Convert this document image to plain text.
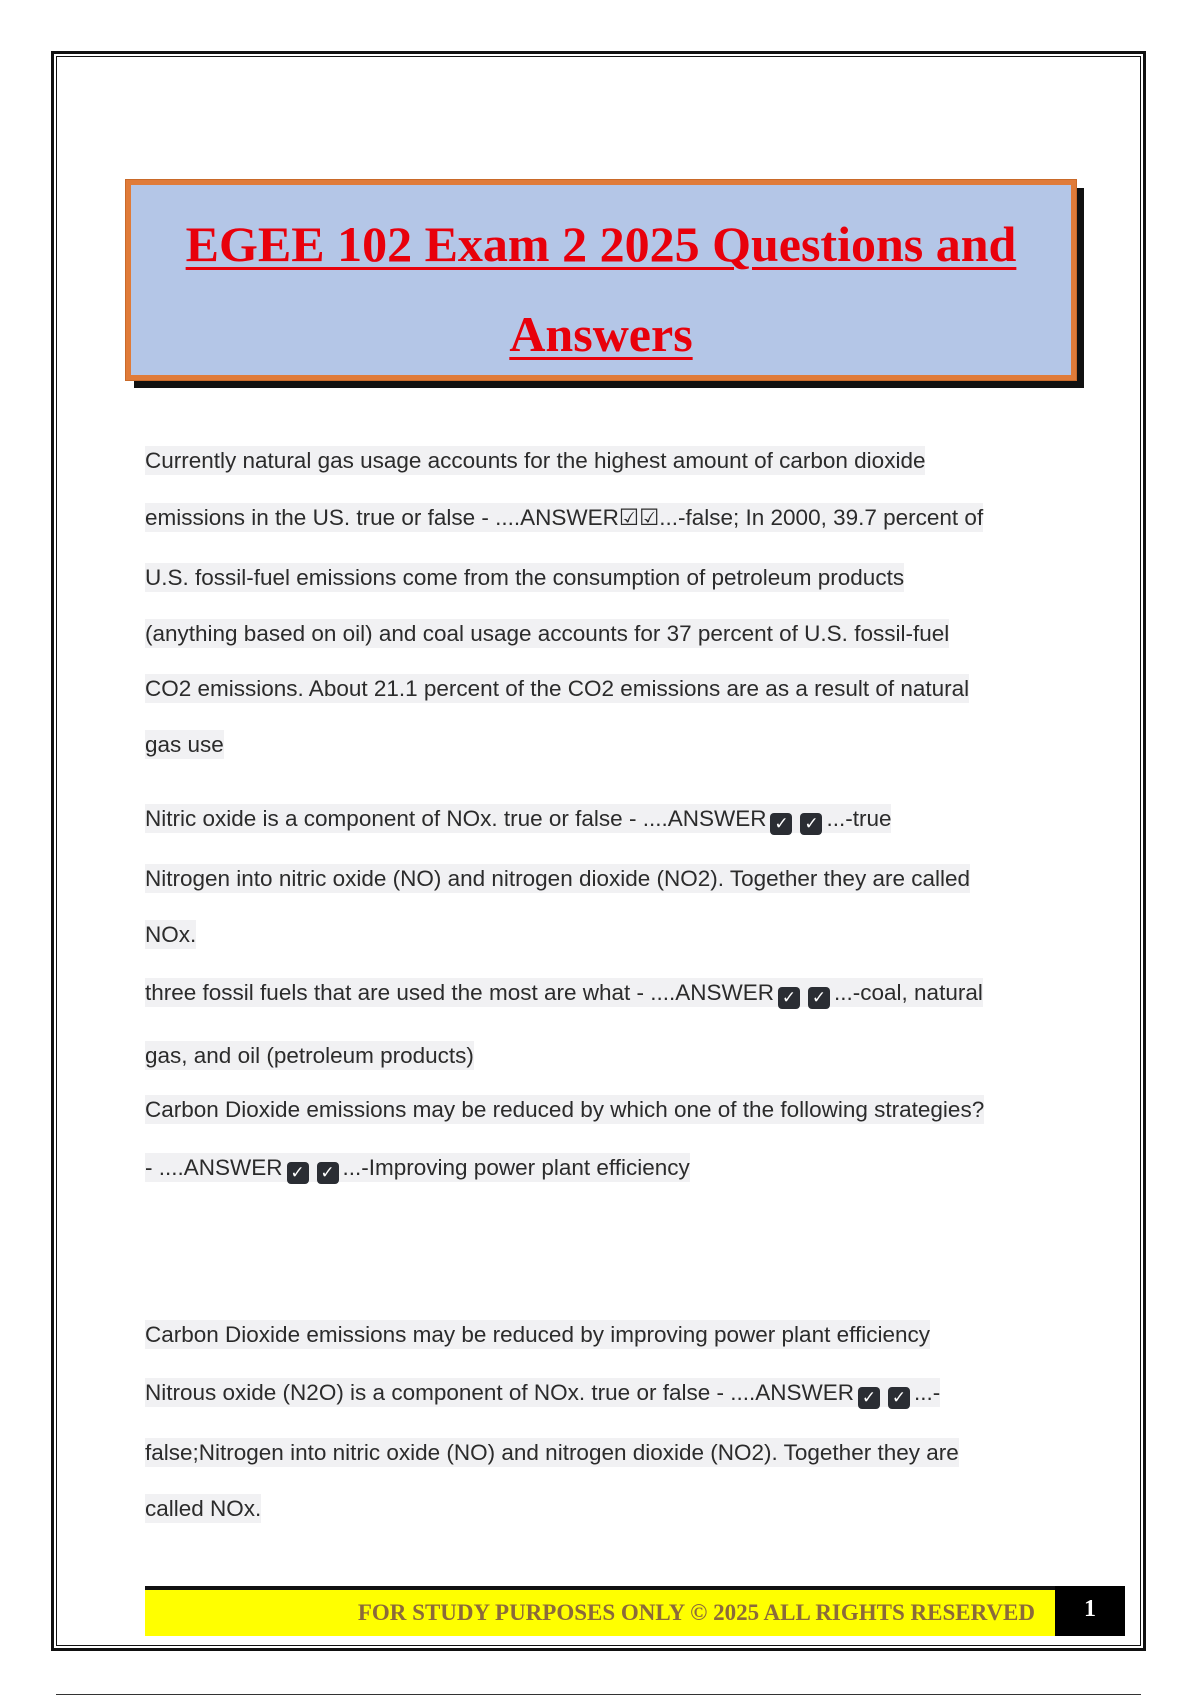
EGEE 102 Exam 2 2025 Questions and

Answers

Currently natural gas usage accounts for the highest amount of carbon dioxide
emissions in the US. true or false - ....ANSWER☑☑...-false; In 2000, 39.7 percent of
U.S. fossil-fuel emissions come from the consumption of petroleum products
(anything based on oil) and coal usage accounts for 37 percent of U.S. fossil-fuel
CO2 emissions. About 21.1 percent of the CO2 emissions are as a result of natural
gas use
Nitric oxide is a component of NOx. true or false - ....ANSWER ✓ ✓ ...-true
Nitrogen into nitric oxide (NO) and nitrogen dioxide (NO2). Together they are called
NOx.
three fossil fuels that are used the most are what - ....ANSWER ✓ ✓ ...-coal, natural
gas, and oil (petroleum products)
Carbon Dioxide emissions may be reduced by which one of the following strategies?
- ....ANSWER ✓ ✓ ...-Improving power plant efficiency
Carbon Dioxide emissions may be reduced by improving power plant efficiency
Nitrous oxide (N2O) is a component of NOx. true or false - ....ANSWER ✓ ✓ ...-
false;Nitrogen into nitric oxide (NO) and nitrogen dioxide (NO2). Together they are
called NOx.
FOR STUDY PURPOSES ONLY © 2025 ALL RIGHTS RESERVED	1
